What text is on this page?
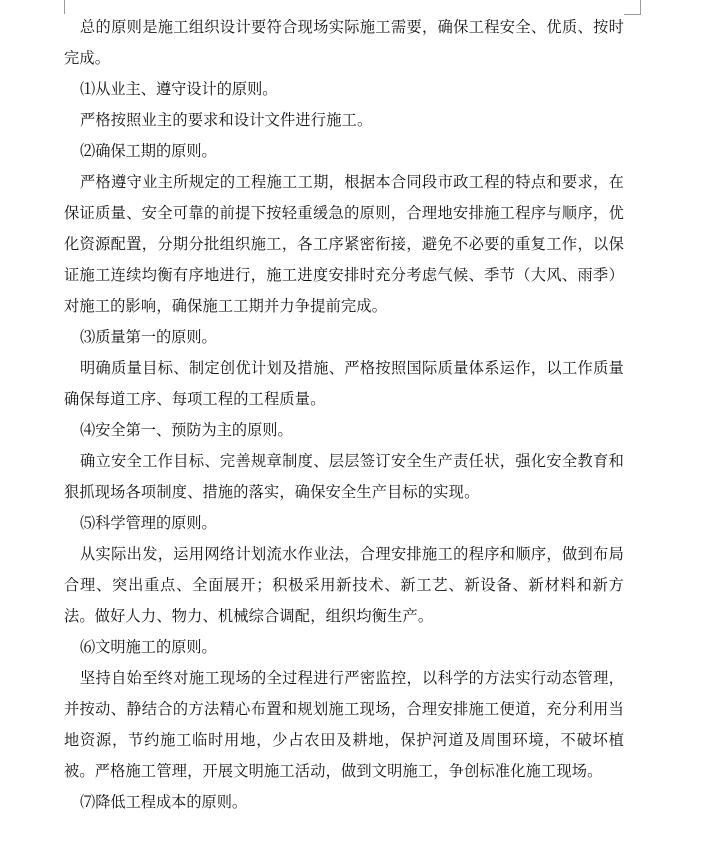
总的原则是施工组织设计要符合现场实际施工需要，确保工程安全、优质、按时完成。

⑴从业主、遵守设计的原则。

严格按照业主的要求和设计文件进行施工。

⑵确保工期的原则。

严格遵守业主所规定的工程施工工期，根据本合同段市政工程的特点和要求，在保证质量、安全可靠的前提下按轻重缓急的原则，合理地安排施工程序与顺序，优化资源配置，分期分批组织施工，各工序紧密衔接，避免不必要的重复工作，以保证施工连续均衡有序地进行，施工进度安排时充分考虑气候、季节（大风、雨季）对施工的影响，确保施工工期并力争提前完成。

⑶质量第一的原则。

明确质量目标、制定创优计划及措施、严格按照国际质量体系运作，以工作质量确保每道工序、每项工程的工程质量。

⑷安全第一、预防为主的原则。

确立安全工作目标、完善规章制度、层层签订安全生产责任状，强化安全教育和狠抓现场各项制度、措施的落实，确保安全生产目标的实现。

⑸科学管理的原则。

从实际出发，运用网络计划流水作业法，合理安排施工的程序和顺序，做到布局合理、突出重点、全面展开；积极采用新技术、新工艺、新设备、新材料和新方法。做好人力、物力、机械综合调配，组织均衡生产。

⑹文明施工的原则。

坚持自始至终对施工现场的全过程进行严密监控，以科学的方法实行动态管理，并按动、静结合的方法精心布置和规划施工现场，合理安排施工便道，充分利用当地资源，节约施工临时用地，少占农田及耕地，保护河道及周围环境，不破坏植被。严格施工管理，开展文明施工活动，做到文明施工，争创标准化施工现场。

⑺降低工程成本的原则。
